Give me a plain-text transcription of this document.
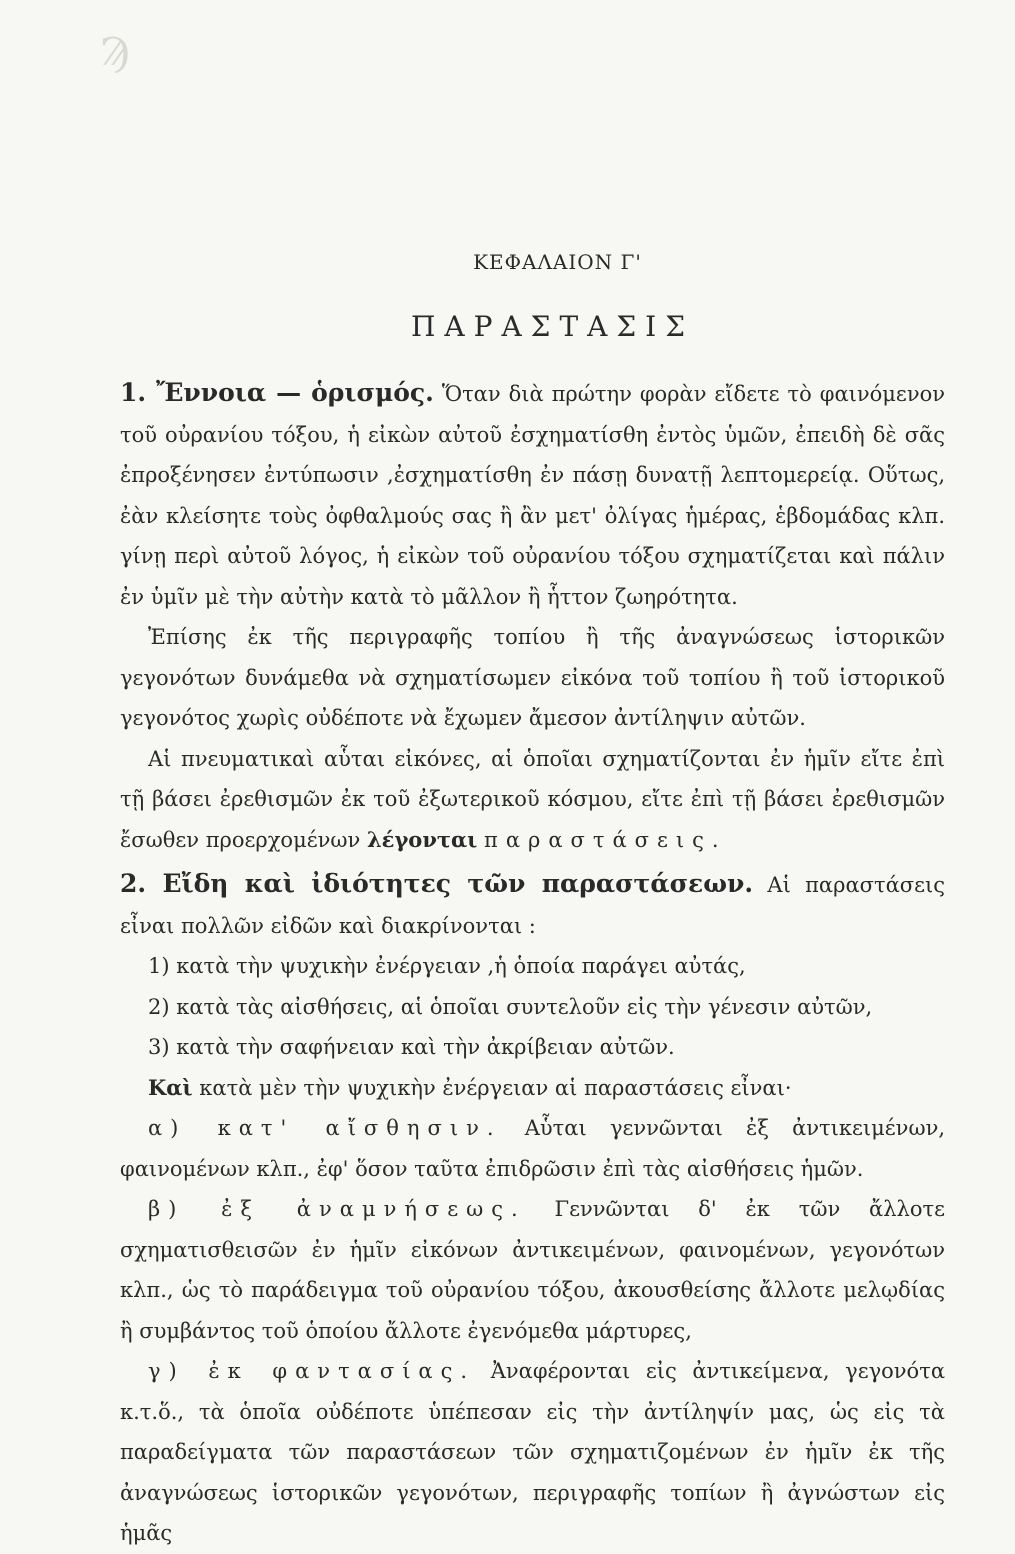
Ϡ
ΚΕΦΑΛΑΙΟΝ Γ'
ΠΑΡΑΣΤΑΣΙΣ
1. Ἔννοια — ὁρισμός. Ὅταν διὰ πρώτην φορὰν εἴδετε τὸ φαινόμενον τοῦ οὐρανίου τόξου, ἡ εἰκὼν αὐτοῦ ἐσχηματίσθη ἐντὸς ὑμῶν, ἐπειδὴ δὲ σᾶς ἐπροξένησεν ἐντύπωσιν ,ἐσχηματίσθη ἐν πάσῃ δυνατῇ λεπτομερείᾳ. Οὕτως, ἐὰν κλείσητε τοὺς ὀφθαλμούς σας ἢ ἂν μετ' ὀλίγας ἡμέρας, ἑβδομάδας κλπ. γίνῃ περὶ αὐτοῦ λόγος, ἡ εἰκὼν τοῦ οὐρανίου τόξου σχηματίζεται καὶ πάλιν ἐν ὑμῖν μὲ τὴν αὐτὴν κατὰ τὸ μᾶλλον ἢ ἧττον ζωηρότητα.
Ἐπίσης ἐκ τῆς περιγραφῆς τοπίου ἢ τῆς ἀναγνώσεως ἱστορικῶν γεγονότων δυνάμεθα νὰ σχηματίσωμεν εἰκόνα τοῦ τοπίου ἢ τοῦ ἱστορικοῦ γεγονότος χωρὶς οὐδέποτε νὰ ἔχωμεν ἄμεσον ἀντίληψιν αὐτῶν.
Αἱ πνευματικαὶ αὗται εἰκόνες, αἱ ὁποῖαι σχηματίζονται ἐν ἡμῖν εἴτε ἐπὶ τῇ βάσει ἐρεθισμῶν ἐκ τοῦ ἐξωτερικοῦ κόσμου, εἴτε ἐπὶ τῇ βάσει ἐρεθισμῶν ἔσωθεν προερχομένων λέγονται παραστάσεις.
2. Εἴδη καὶ ἰδιότητες τῶν παραστάσεων. Αἱ παραστάσεις εἶναι πολλῶν εἰδῶν καὶ διακρίνονται :
1) κατὰ τὴν ψυχικὴν ἐνέργειαν ,ἡ ὁποία παράγει αὐτάς,
2) κατὰ τὰς αἰσθήσεις, αἱ ὁποῖαι συντελοῦν εἰς τὴν γένεσιν αὐτῶν,
3) κατὰ τὴν σαφήνειαν καὶ τὴν ἀκρίβειαν αὐτῶν.
Καὶ κατὰ μὲν τὴν ψυχικὴν ἐνέργειαν αἱ παραστάσεις εἶναι·
α) κατ' αἴσθησιν. Αὗται γεννῶνται ἐξ ἀντικειμένων, φαινομένων κλπ., ἐφ' ὅσον ταῦτα ἐπιδρῶσιν ἐπὶ τὰς αἰσθήσεις ἡμῶν.
β) ἐξ ἀναμνήσεως. Γεννῶνται δ' ἐκ τῶν ἄλλοτε σχηματισθεισῶν ἐν ἡμῖν εἰκόνων ἀντικειμένων, φαινομένων, γεγονότων κλπ., ὡς τὸ παράδειγμα τοῦ οὐρανίου τόξου, ἀκουσθείσης ἄλλοτε μελῳδίας ἢ συμβάντος τοῦ ὁποίου ἄλλοτε ἐγενόμεθα μάρτυρες,
γ) ἐκ φαντασίας. Ἀναφέρονται εἰς ἀντικείμενα, γεγονότα κ.τ.ὅ., τὰ ὁποῖα οὐδέποτε ὑπέπεσαν εἰς τὴν ἀντίληψίν μας, ὡς εἰς τὰ παραδείγματα τῶν παραστάσεων τῶν σχηματιζομένων ἐν ἡμῖν ἐκ τῆς ἀναγνώσεως ἱστορικῶν γεγονότων, περιγραφῆς τοπίων ἢ ἀγνώστων εἰς ἡμᾶς
